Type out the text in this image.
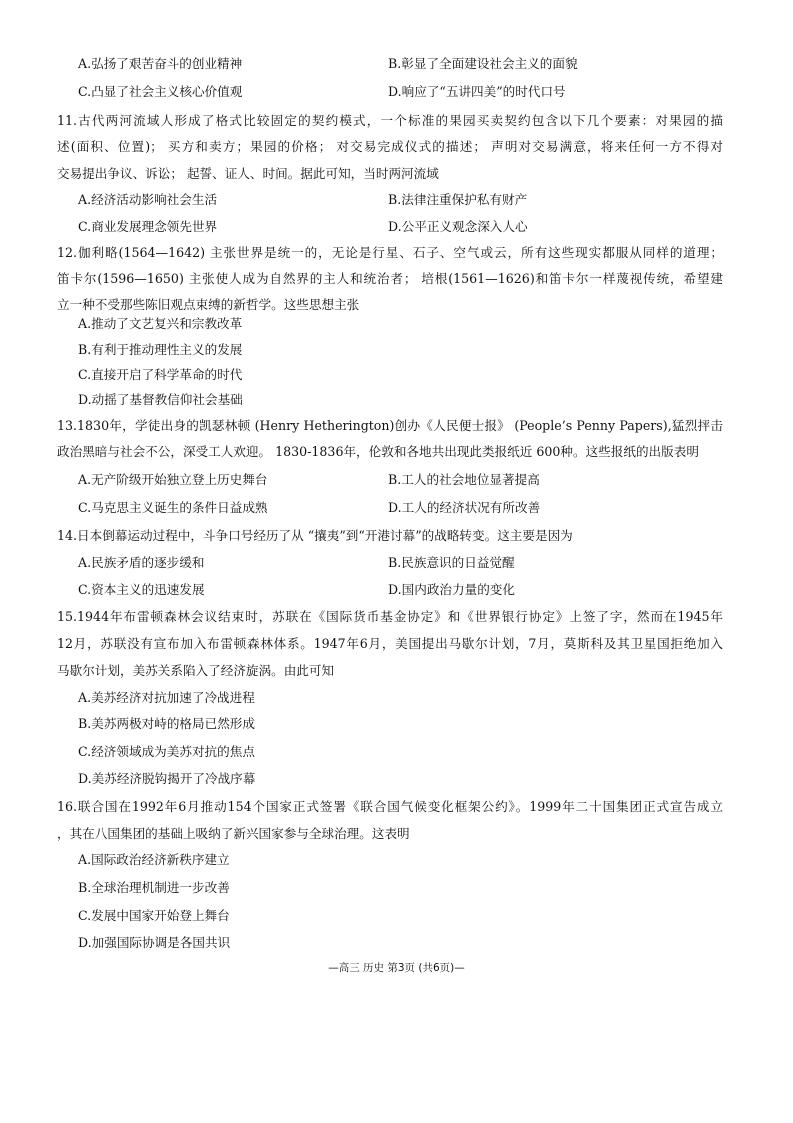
A.弘扬了艰苦奋斗的创业精神	B.彰显了全面建设社会主义的面貌
C.凸显了社会主义核心价值观	D.响应了“五讲四美”的时代口号
11.古代两河流域人形成了格式比较固定的契约模式，一个标准的果园买卖契约包含以下几个要素：对果园的描
述(面积、位置)； 买方和卖方；果园的价格； 对交易完成仪式的描述； 声明对交易满意，将来任何一方不得对
交易提出争议、诉讼； 起誓、证人、时间。据此可知，当时两河流域
A.经济活动影响社会生活	B.法律注重保护私有财产
C.商业发展理念领先世界	D.公平正义观念深入人心
12.伽利略(1564—1642) 主张世界是统一的，无论是行星、石子、空气或云，所有这些现实都服从同样的道理；
笛卡尔(1596—1650) 主张使人成为自然界的主人和统治者； 培根(1561—1626)和笛卡尔一样蔑视传统，希望建
立一种不受那些陈旧观点束缚的新哲学。这些思想主张
A.推动了文艺复兴和宗教改革
B.有利于推动理性主义的发展
C.直接开启了科学革命的时代
D.动摇了基督教信仰社会基础
13.1830年，学徒出身的凯瑟林顿 (Henry Hetherington)创办《人民便士报》 (People’s Penny Papers),猛烈抨击
政治黑暗与社会不公，深受工人欢迎。 1830-1836年，伦敦和各地共出现此类报纸近 600种。这些报纸的出版表明
A.无产阶级开始独立登上历史舞台	B.工人的社会地位显著提高
C.马克思主义诞生的条件日益成熟	D.工人的经济状况有所改善
14.日本倒幕运动过程中，斗争口号经历了从 “攘夷”到“开港讨幕”的战略转变。这主要是因为
A.民族矛盾的逐步缓和	B.民族意识的日益觉醒
C.资本主义的迅速发展	D.国内政治力量的变化
15.1944年布雷顿森林会议结束时，苏联在《国际货币基金协定》和《世界银行协定》上签了字，然而在1945年
12月，苏联没有宣布加入布雷顿森林体系。1947年6月，美国提出马歇尔计划，7月，莫斯科及其卫星国拒绝加入
马歇尔计划，美苏关系陷入了经济旋涡。由此可知
A.美苏经济对抗加速了冷战进程
B.美苏两极对峙的格局已然形成
C.经济领域成为美苏对抗的焦点
D.美苏经济脱钩揭开了冷战序幕
16.联合国在1992年6月推动154个国家正式签署《联合国气候变化框架公约》。1999年二十国集团正式宣告成立
，其在八国集团的基础上吸纳了新兴国家参与全球治理。这表明
A.国际政治经济新秩序建立
B.全球治理机制进一步改善
C.发展中国家开始登上舞台
D.加强国际协调是各国共识
—高三 历史 第3页 (共6页)—
